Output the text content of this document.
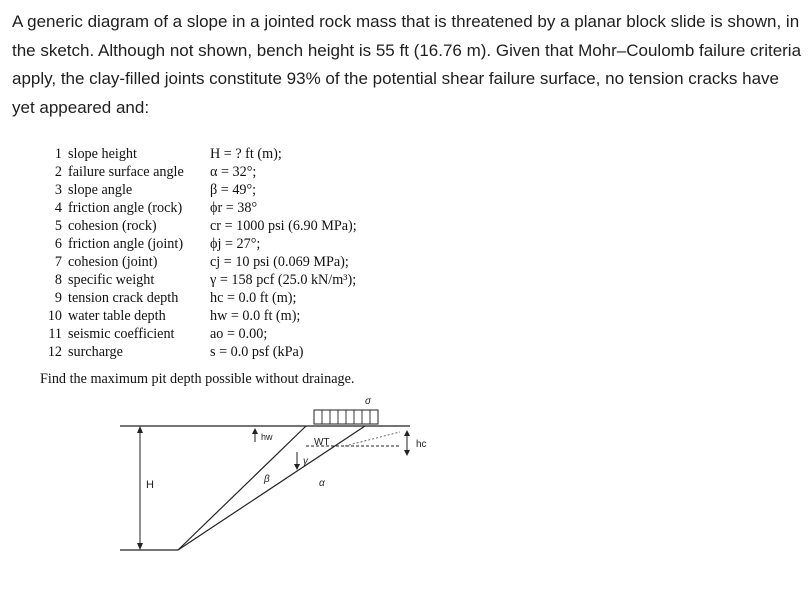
A generic diagram of a slope in a jointed rock mass that is threatened by a planar block slide is shown, in the sketch. Although not shown, bench height is 55 ft (16.76 m). Given that Mohr–Coulomb failure criteria apply, the clay-filled joints constitute 93% of the potential shear failure surface, no tension cracks have yet appeared and:

1	slope height	H = ? ft (m);
2	failure surface angle	α = 32°;
3	slope angle	β = 49°;
4	friction angle (rock)	ϕr = 38°
5	cohesion (rock)	cr = 1000 psi (6.90 MPa);
6	friction angle (joint)	ϕj = 27°;
7	cohesion (joint)	cj = 10 psi (0.069 MPa);
8	specific weight	γ = 158 pcf (25.0 kN/m³);
9	tension crack depth	hc = 0.0 ft (m);
10	water table depth	hw = 0.0 ft (m);
11	seismic coefficient	ao = 0.00;
12	surcharge	s = 0.0 psf (kPa)
Find the maximum pit depth possible without drainage.
H
σ
hw	WT	hc
γ
β	α
